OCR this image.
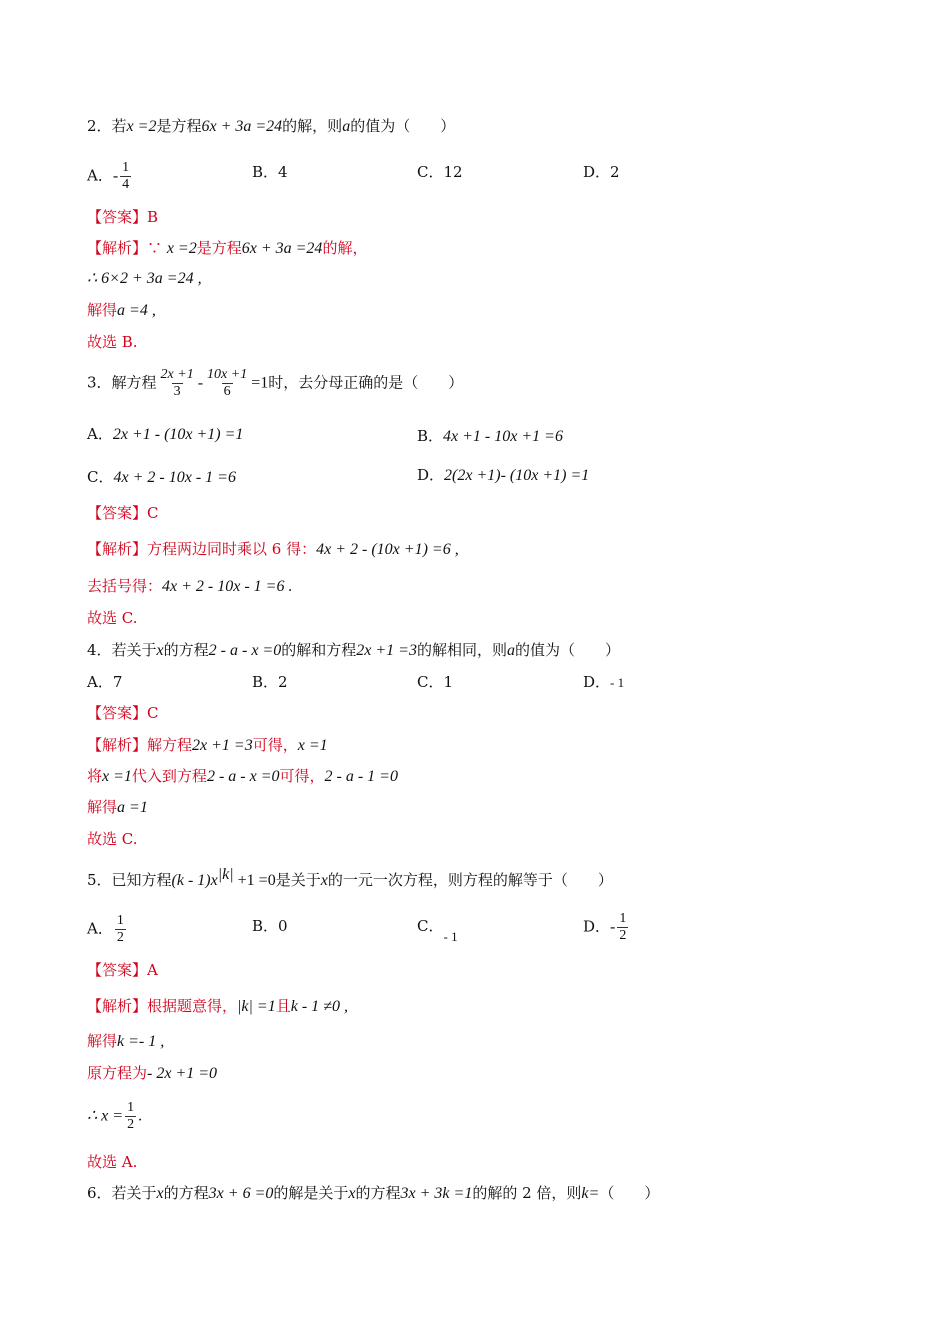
2．若x =2是方程6x + 3a =24的解，则a的值为（　　）
A．- $\frac{1}{4}$	B．4	C．12	D．2
【答案】B
【解析】∵ x =2是方程6x + 3a =24的解，
∴ 6×2 + 3a =24 ,
解得a =4 ,
故选 B.
3．解方程 $\frac{2x +1}{3} - \frac{10x +1}{6} =1$时，去分母正确的是（　　）
A．2x +1 - (10x +1) =1	B．4x +1 - 10x +1 =6
C．4x + 2 - 10x - 1 =6	D．2(2x +1)- (10x +1) =1
【答案】C
【解析】方程两边同时乘以 6 得：4x + 2 - (10x +1) =6 ,
去括号得：4x + 2 - 10x - 1 =6 .
故选 C.
4．若关于x的方程2 - a - x =0的解和方程2x +1 =3的解相同，则a的值为（　　）
A．7	B．2	C．1	D．- 1
【答案】C
【解析】解方程2x +1 =3可得，x =1
将x =1代入到方程2 - a - x =0可得，2 - a - 1 =0
解得a =1
故选 C.
5．已知方程$(k - 1)x^{|k|} +1 =0$是关于x的一元一次方程，则方程的解等于（　　）
A． $\frac{1}{2}$	B．0	C．- 1
D．- $\frac{1}{2}$
【答案】A
【解析】根据题意得，|k| =1且k - 1 ≠0 ,
解得k =- 1 ,
原方程为- 2x +1 =0
∴ $x = \frac{1}{2}$ .
故选 A.
6．若关于x的方程3x + 6 =0的解是关于x的方程3x + 3k =1的解的 2 倍，则k=（　　）
